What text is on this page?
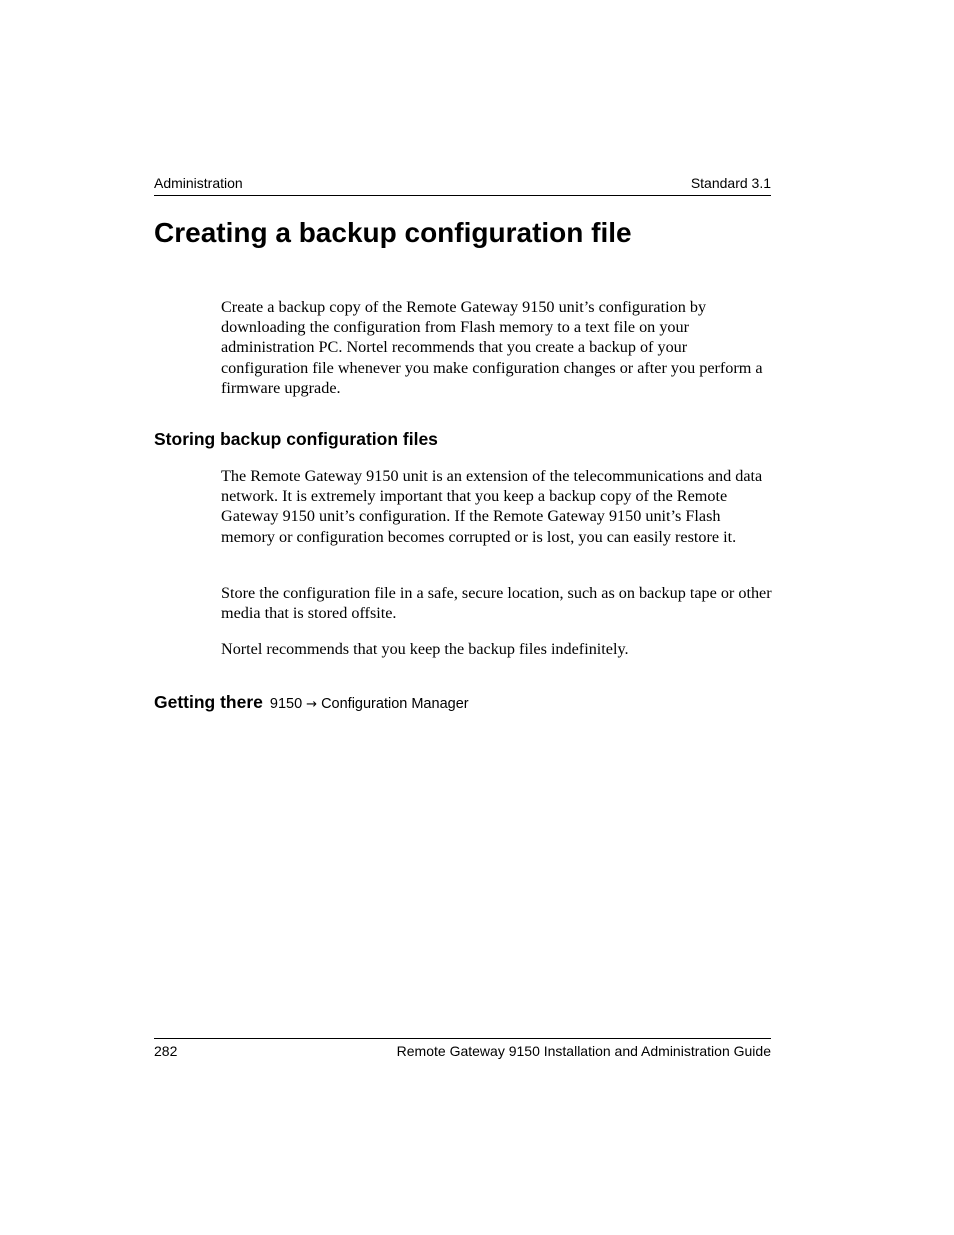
Administration	Standard 3.1
Creating a backup configuration file

Create a backup copy of the Remote Gateway 9150 unit’s configuration by downloading the configuration from Flash memory to a text file on your administration PC. Nortel recommends that you create a backup of your configuration file whenever you make configuration changes or after you perform a firmware upgrade.

Storing backup configuration files

The Remote Gateway 9150 unit is an extension of the telecommunications and data network. It is extremely important that you keep a backup copy of the Remote Gateway 9150 unit’s configuration. If the Remote Gateway 9150 unit’s Flash memory or configuration becomes corrupted or is lost, you can easily restore it.

Store the configuration file in a safe, secure location, such as on backup tape or other media that is stored offsite.

Nortel recommends that you keep the backup files indefinitely.

Getting there 9150 → Configuration Manager
282	Remote Gateway 9150 Installation and Administration Guide
